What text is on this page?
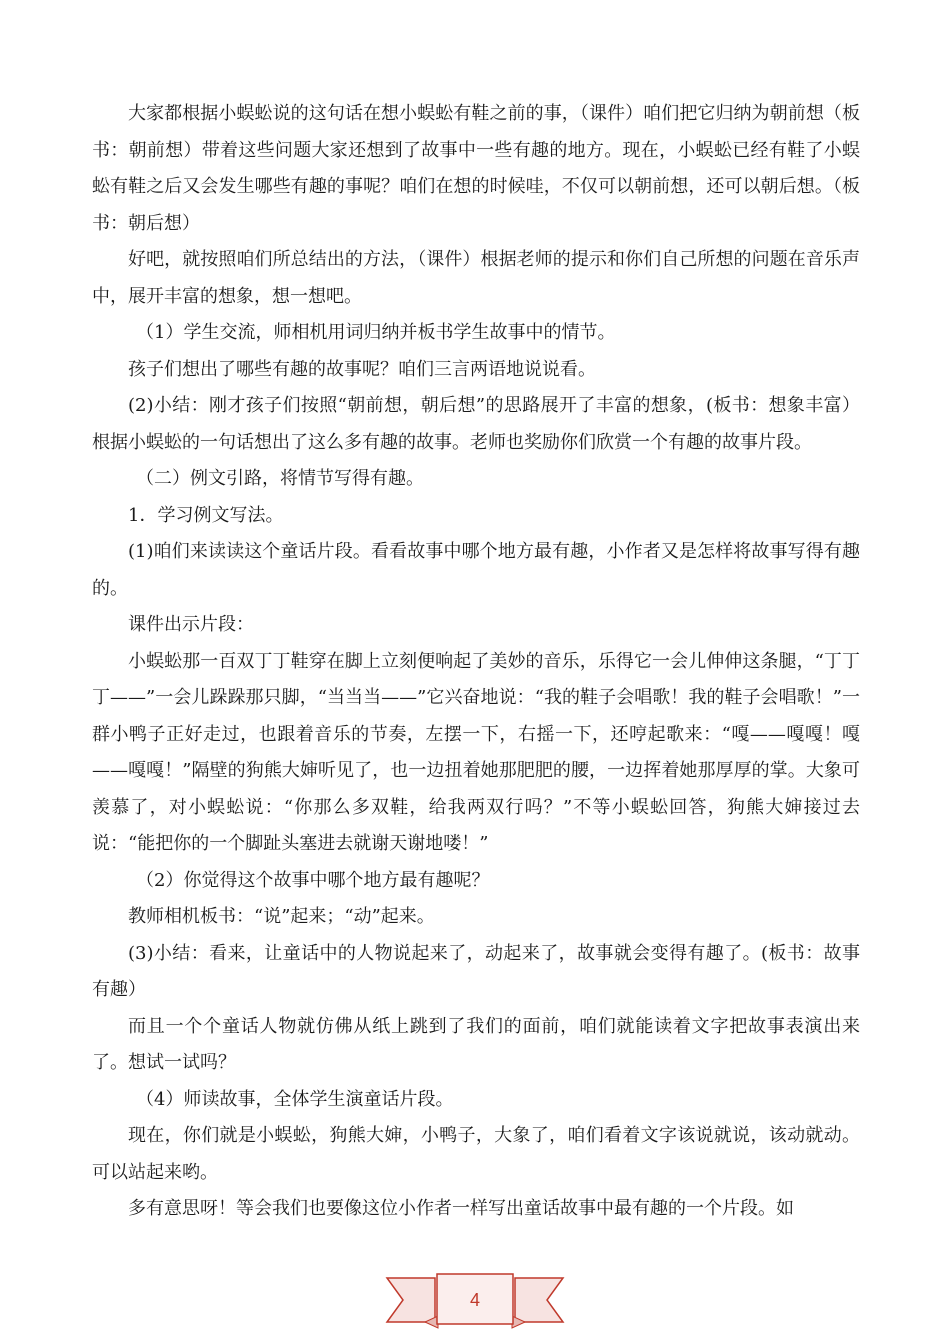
大家都根据小蜈蚣说的这句话在想小蜈蚣有鞋之前的事，（课件）咱们把它归纳为朝前想（板书：朝前想）带着这些问题大家还想到了故事中一些有趣的地方。现在，小蜈蚣已经有鞋了小蜈蚣有鞋之后又会发生哪些有趣的事呢？咱们在想的时候哇，不仅可以朝前想，还可以朝后想。（板书：朝后想）

好吧，就按照咱们所总结出的方法，（课件）根据老师的提示和你们自己所想的问题在音乐声中，展开丰富的想象，想一想吧。

（1）学生交流，师相机用词归纳并板书学生故事中的情节。

孩子们想出了哪些有趣的故事呢？咱们三言两语地说说看。

(2)小结：刚才孩子们按照“朝前想，朝后想”的思路展开了丰富的想象，(板书：想象丰富）根据小蜈蚣的一句话想出了这么多有趣的故事。老师也奖励你们欣赏一个有趣的故事片段。

（二）例文引路，将情节写得有趣。

1．学习例文写法。

(1)咱们来读读这个童话片段。看看故事中哪个地方最有趣，小作者又是怎样将故事写得有趣的。

课件出示片段：

小蜈蚣那一百双丁丁鞋穿在脚上立刻便响起了美妙的音乐，乐得它一会儿伸伸这条腿，“丁丁丁——”一会儿跺跺那只脚，“当当当——”它兴奋地说：“我的鞋子会唱歌！我的鞋子会唱歌！”一群小鸭子正好走过，也跟着音乐的节奏，左摆一下，右摇一下，还哼起歌来：“嘎——嘎嘎！嘎——嘎嘎！”隔壁的狗熊大婶听见了，也一边扭着她那肥肥的腰，一边挥着她那厚厚的掌。大象可羡慕了，对小蜈蚣说：“你那么多双鞋，给我两双行吗？”不等小蜈蚣回答，狗熊大婶接过去说：“能把你的一个脚趾头塞进去就谢天谢地喽！”

（2）你觉得这个故事中哪个地方最有趣呢？

教师相机板书：“说”起来；“动”起来。

(3)小结：看来，让童话中的人物说起来了，动起来了，故事就会变得有趣了。(板书：故事有趣）

而且一个个童话人物就仿佛从纸上跳到了我们的面前，咱们就能读着文字把故事表演出来了。想试一试吗？

（4）师读故事，全体学生演童话片段。

现在，你们就是小蜈蚣，狗熊大婶，小鸭子，大象了，咱们看着文字该说就说，该动就动。可以站起来哟。

多有意思呀！等会我们也要像这位小作者一样写出童话故事中最有趣的一个片段。如

4
